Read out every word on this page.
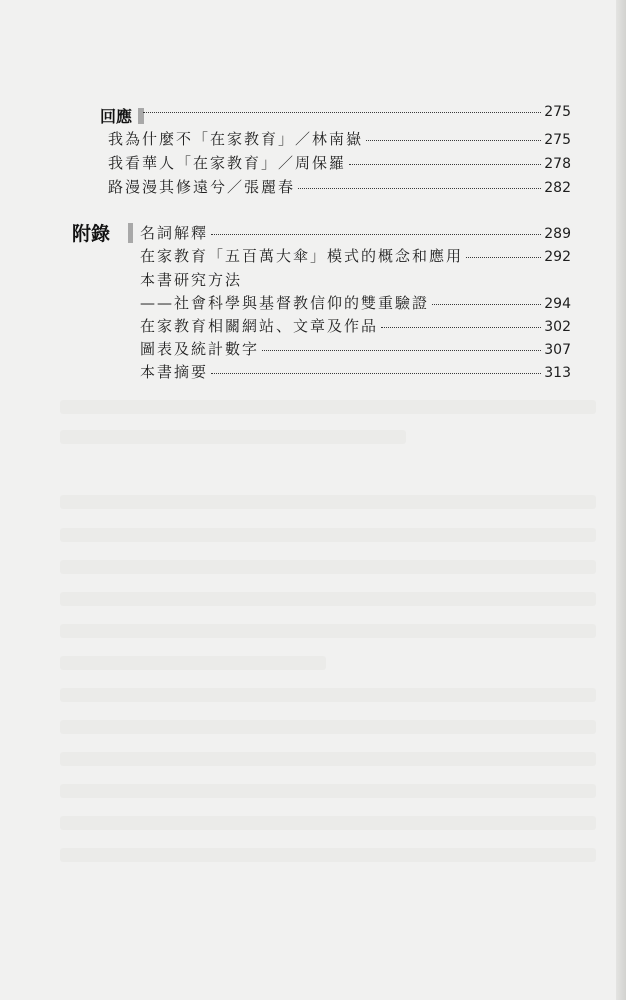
回應	275
我為什麼不「在家教育」／林南嶽	275
我看華人「在家教育」／周保羅	278
路漫漫其修遠兮／張麗春	282
附錄 名詞解釋	289
在家教育「五百萬大傘」模式的概念和應用	292
本書研究方法
——社會科學與基督教信仰的雙重驗證	294
在家教育相關網站、文章及作品	302
圖表及統計數字	307
本書摘要	313
